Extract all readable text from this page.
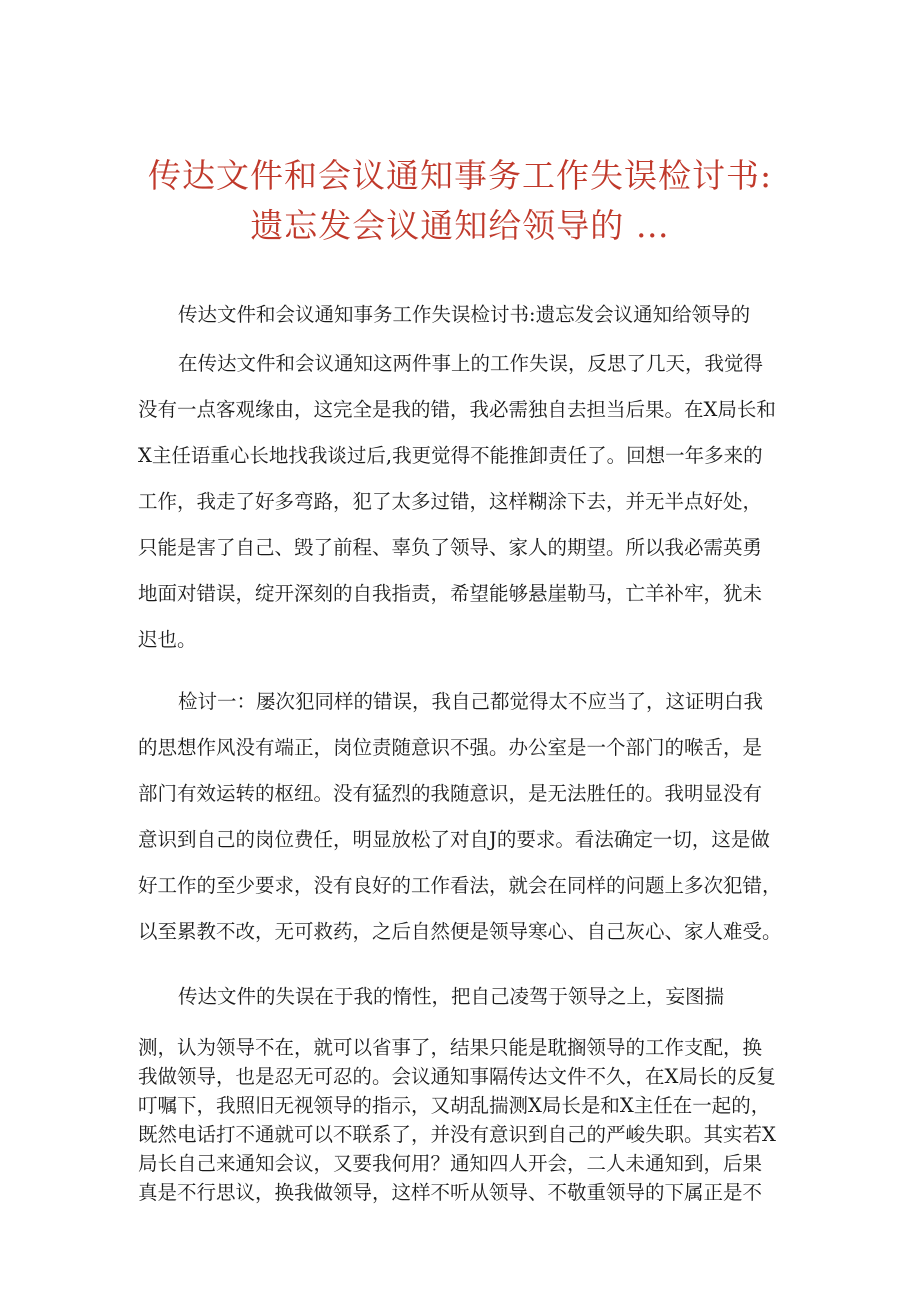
传达文件和会议通知事务工作失误检讨书:
遗忘发会议通知给领导的 …
传达文件和会议通知事务工作失误检讨书:遗忘发会议通知给领导的
在传达文件和会议通知这两件事上的工作失误，反思了几天，我觉得
没有一点客观缘由，这完全是我的错，我必需独自去担当后果。在X局长和
X主任语重心长地找我谈过后,我更觉得不能推卸责任了。回想一年多来的
工作，我走了好多弯路，犯了太多过错，这样糊涂下去，并无半点好处，
只能是害了自己、毁了前程、辜负了领导、家人的期望。所以我必需英勇
地面对错误，绽开深刻的自我指责，希望能够悬崖勒马，亡羊补牢，犹未
迟也。
检讨一：屡次犯同样的错误，我自己都觉得太不应当了，这证明白我
的思想作风没有端正，岗位责随意识不强。办公室是一个部门的喉舌，是
部门有效运转的枢纽。没有猛烈的我随意识，是无法胜任的。我明显没有
意识到自己的岗位费任，明显放松了对自J的要求。看法确定一切，这是做
好工作的至少要求，没有良好的工作看法，就会在同样的问题上多次犯错，
以至累教不改，无可救药，之后自然便是领导寒心、自己灰心、家人难受。
传达文件的失误在于我的惰性，把自己凌驾于领导之上，妄图揣
测，认为领导不在，就可以省事了，结果只能是耽搁领导的工作支配，换
我做领导，也是忍无可忍的。会议通知事隔传达文件不久，在X局长的反复
叮嘱下，我照旧无视领导的指示，又胡乱揣测X局长是和X主任在一起的，
既然电话打不通就可以不联系了，并没有意识到自己的严峻失职。其实若X
局长自己来通知会议，又要我何用？通知四人开会，二人未通知到，后果
真是不行思议，换我做领导，这样不听从领导、不敬重领导的下属正是不
